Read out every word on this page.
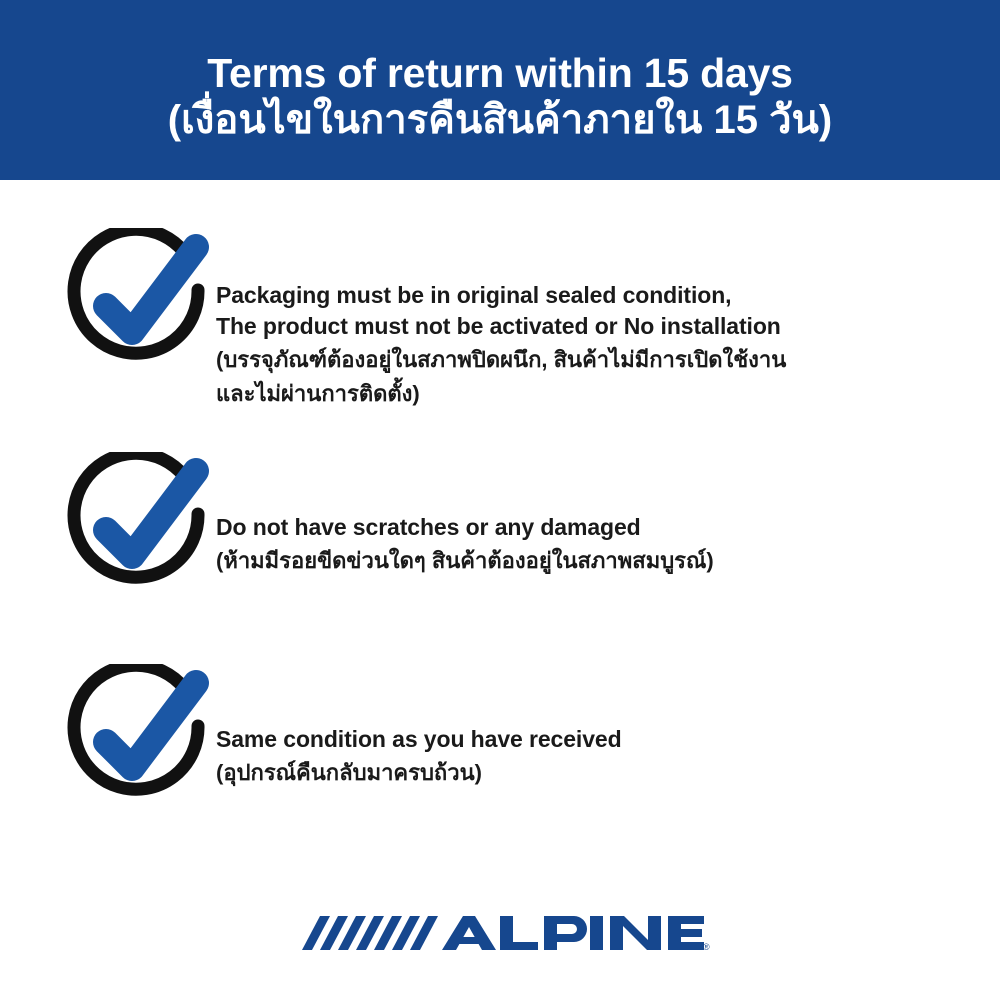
Terms of return within 15 days
(เงื่อนไขในการคืนสินค้าภายใน 15 วัน)
Packaging must be in original sealed condition,
The product must not be activated or No installation
(บรรจุภัณฑ์ต้องอยู่ในสภาพปิดผนึก, สินค้าไม่มีการเปิดใช้งาน
และไม่ผ่านการติดตั้ง)
Do not have scratches or any damaged
(ห้ามมีรอยขีดข่วนใดๆ สินค้าต้องอยู่ในสภาพสมบูรณ์)
Same condition as you have received
(อุปกรณ์คืนกลับมาครบถ้วน)
®
